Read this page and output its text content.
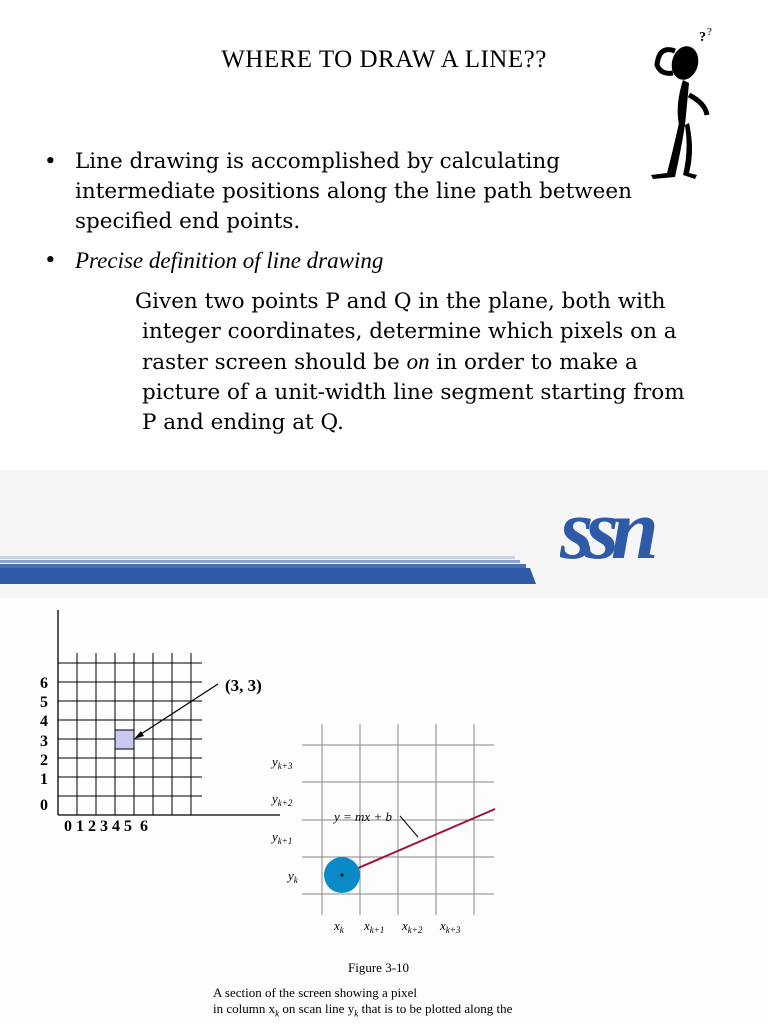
WHERE TO DRAW A LINE??
? ?
• Line drawing is accomplished by calculating intermediate positions along the line path between specified end points.
• Precise definition of line drawing
Given two points P and Q in the plane, both with
integer coordinates, determine which pixels on a
raster screen should be on in order to make a
picture of a unit-width line segment starting from
P and ending at Q.
ssn
(3, 3)
6
5
4
3
2
1
0
0 1 2 3 4 5  6
y = mx + b
$y_{k+3}$
$y_{k+2}$
$y_{k+1}$
$y_k$
$x_k$ $x_{k+1}$ $x_{k+2}$ $x_{k+3}$
Figure 3-10
A section of the screen showing a pixel
in column $x_k$ on scan line $y_k$ that is to be plotted along the
